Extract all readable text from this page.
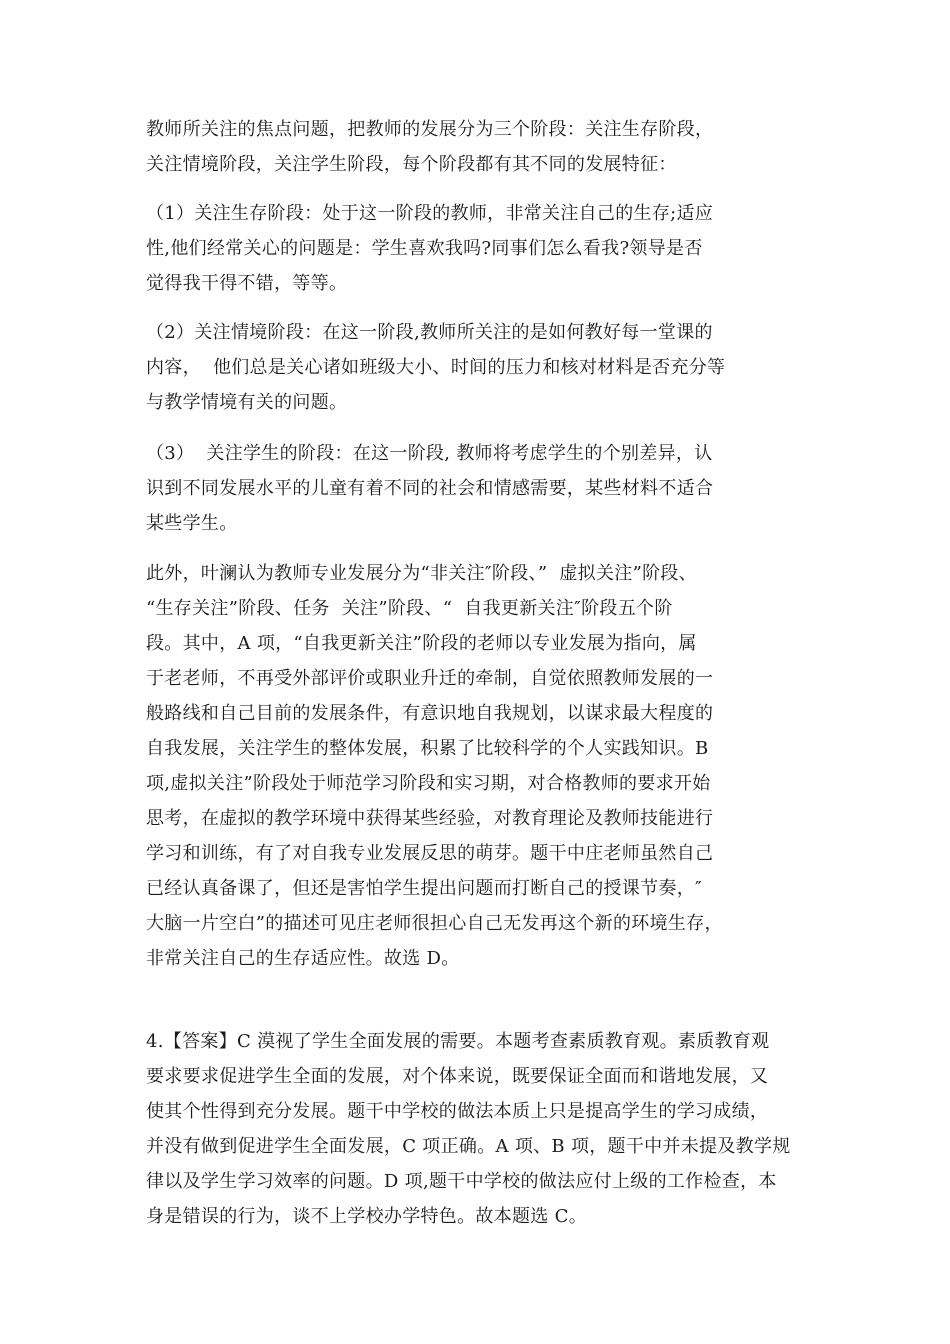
教师所关注的焦点问题，把教师的发展分为三个阶段：关注生存阶段，
关注情境阶段，关注学生阶段，每个阶段都有其不同的发展特征：
（1）关注生存阶段：处于这一阶段的教师，非常关注自己的生存;适应
性,他们经常关心的问题是：学生喜欢我吗?同事们怎么看我?领导是否
觉得我干得不错，等等。
（2）关注情境阶段：在这一阶段,教师所关注的是如何教好每一堂课的
内容，  他们总是关心诸如班级大小、时间的压力和核对材料是否充分等
与教学情境有关的问题。
（3）  关注学生的阶段：在这一阶段, 教师将考虑学生的个别差异，认
识到不同发展水平的儿童有着不同的社会和情感需要，某些材料不适合
某些学生。
此外，叶澜认为教师专业发展分为“非关注″阶段、”  虚拟关注”阶段、
“生存关注”阶段、任务  关注”阶段、“  自我更新关注″阶段五个阶
段。其中，A 项，“自我更新关注”阶段的老师以专业发展为指向，属
于老老师，不再受外部评价或职业升迁的牵制，自觉依照教师发展的一
般路线和自己目前的发展条件，有意识地自我规划，以谋求最大程度的
自我发展，关注学生的整体发展，积累了比较科学的个人实践知识。B
项,虚拟关注”阶段处于师范学习阶段和实习期，对合格教师的要求开始
思考，在虚拟的教学环境中获得某些经验，对教育理论及教师技能进行
学习和训练，有了对自我专业发展反思的萌芽。题干中庄老师虽然自己
已经认真备课了，但还是害怕学生提出问题而打断自己的授课节奏，″
大脑一片空白”的描述可见庄老师很担心自己无发再这个新的环境生存，
非常关注自己的生存适应性。故选 D。
4.【答案】C 漠视了学生全面发展的需要。本题考查素质教育观。素质教育观
要求要求促进学生全面的发展，对个体来说，既要保证全面而和谐地发展，又
使其个性得到充分发展。题干中学校的做法本质上只是提高学生的学习成绩，
并没有做到促进学生全面发展，C 项正确。A 项、B 项，题干中并未提及教学规
律以及学生学习效率的问题。D 项,题干中学校的做法应付上级的工作检查，本
身是错误的行为，谈不上学校办学特色。故本题选 C。
